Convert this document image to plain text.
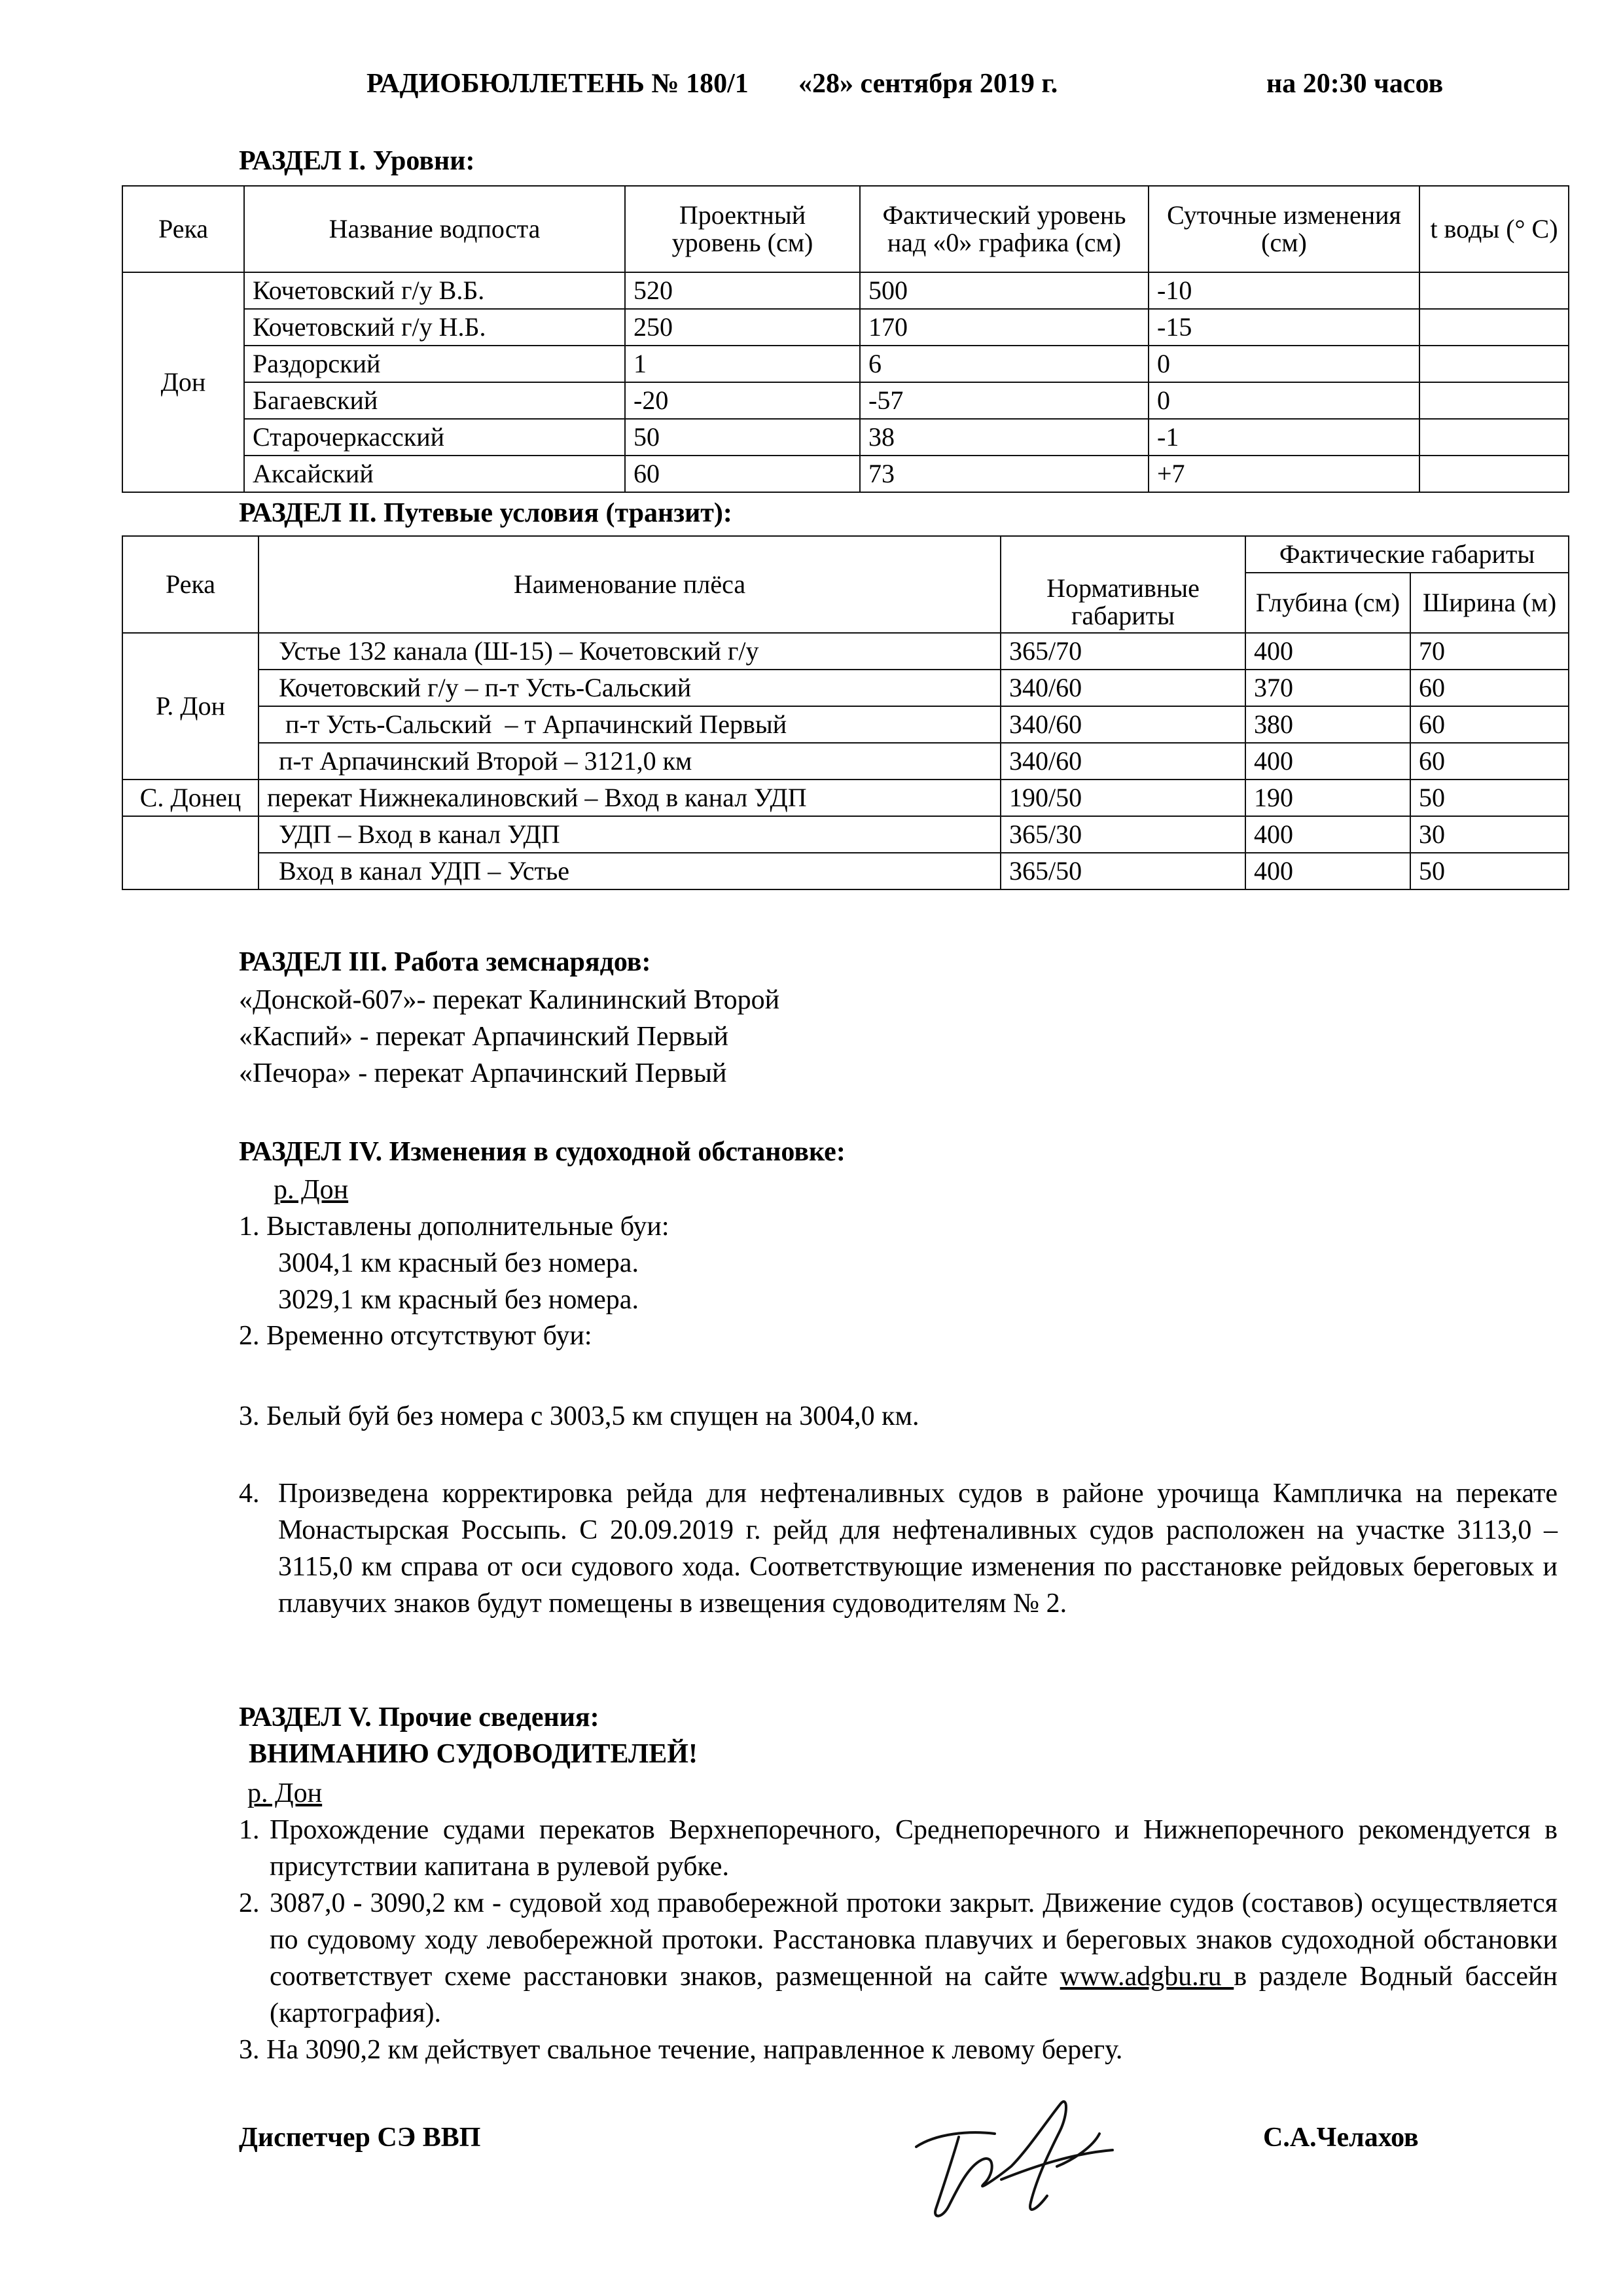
РАДИОБЮЛЛЕТЕНЬ № 180/1 «28» сентября 2019 г.	на 20:30 часов
РАЗДЕЛ I. Уровни:
Река	Название водпоста	Проектный уровень (см)	Фактический уровень над «0» графика (см)	Суточные изменения (см)	t воды (° С)
Дон	Кочетовский г/у В.Б.	520	500	-10	
	Кочетовский г/у Н.Б.	250	170	-15	
	Раздорский	1	6	0	
	Багаевский	-20	-57	0	
	Старочеркасский	50	38	-1	
	Аксайский	60	73	+7	
РАЗДЕЛ II. Путевые условия (транзит):
Река	Наименование плёса	Нормативные габариты	Фактические габариты	
			Глубина (см)	Ширина (м)
Р. Дон	Устье 132 канала (Ш-15) – Кочетовский г/у	365/70	400	70
	Кочетовский г/у – п-т Усть-Сальский	340/60	370	60
	п-т Усть-Сальский  – т Арпачинский Первый	340/60	380	60
	п-т Арпачинский Второй – 3121,0 км	340/60	400	60
С. Донец	перекат Нижнекалиновский – Вход в канал УДП	190/50	190	50
	УДП – Вход в канал УДП	365/30	400	30
	Вход в канал УДП – Устье	365/50	400	50
РАЗДЕЛ III. Работа земснарядов:
«Донской-607»- перекат Калининский Второй
«Каспий» - перекат Арпачинский Первый
«Печора» - перекат Арпачинский Первый
РАЗДЕЛ IV. Изменения в судоходной обстановке:
р. Дон
1. Выставлены дополнительные буи:
3004,1 км красный без номера.
3029,1 км красный без номера.
2. Временно отсутствуют буи:
3. Белый буй без номера с 3003,5 км спущен на 3004,0 км.
4. Произведена корректировка рейда для нефтеналивных судов в районе урочища Кампличка на перекате Монастырская Россыпь. С 20.09.2019 г. рейд для нефтеналивных судов расположен на участке 3113,0 – 3115,0 км справа от оси судового хода. Соответствующие изменения по расстановке рейдовых береговых и плавучих знаков будут помещены в извещения судоводителям № 2.
РАЗДЕЛ V. Прочие сведения:
ВНИМАНИЮ СУДОВОДИТЕЛЕЙ!
р. Дон
1. Прохождение судами перекатов Верхнепоречного, Среднепоречного и Нижнепоречного рекомендуется в присутствии капитана в рулевой рубке.
2. 3087,0 - 3090,2 км - судовой ход правобережной протоки закрыт. Движение судов (составов) осуществляется по судовому ходу левобережной протоки. Расстановка плавучих и береговых знаков судоходной обстановки соответствует схеме расстановки знаков, размещенной на сайте www.adgbu.ru в разделе Водный бассейн (картография).
3. На 3090,2 км действует свальное течение, направленное к левому берегу.
Диспетчер СЭ ВВП	С.А.Челахов
